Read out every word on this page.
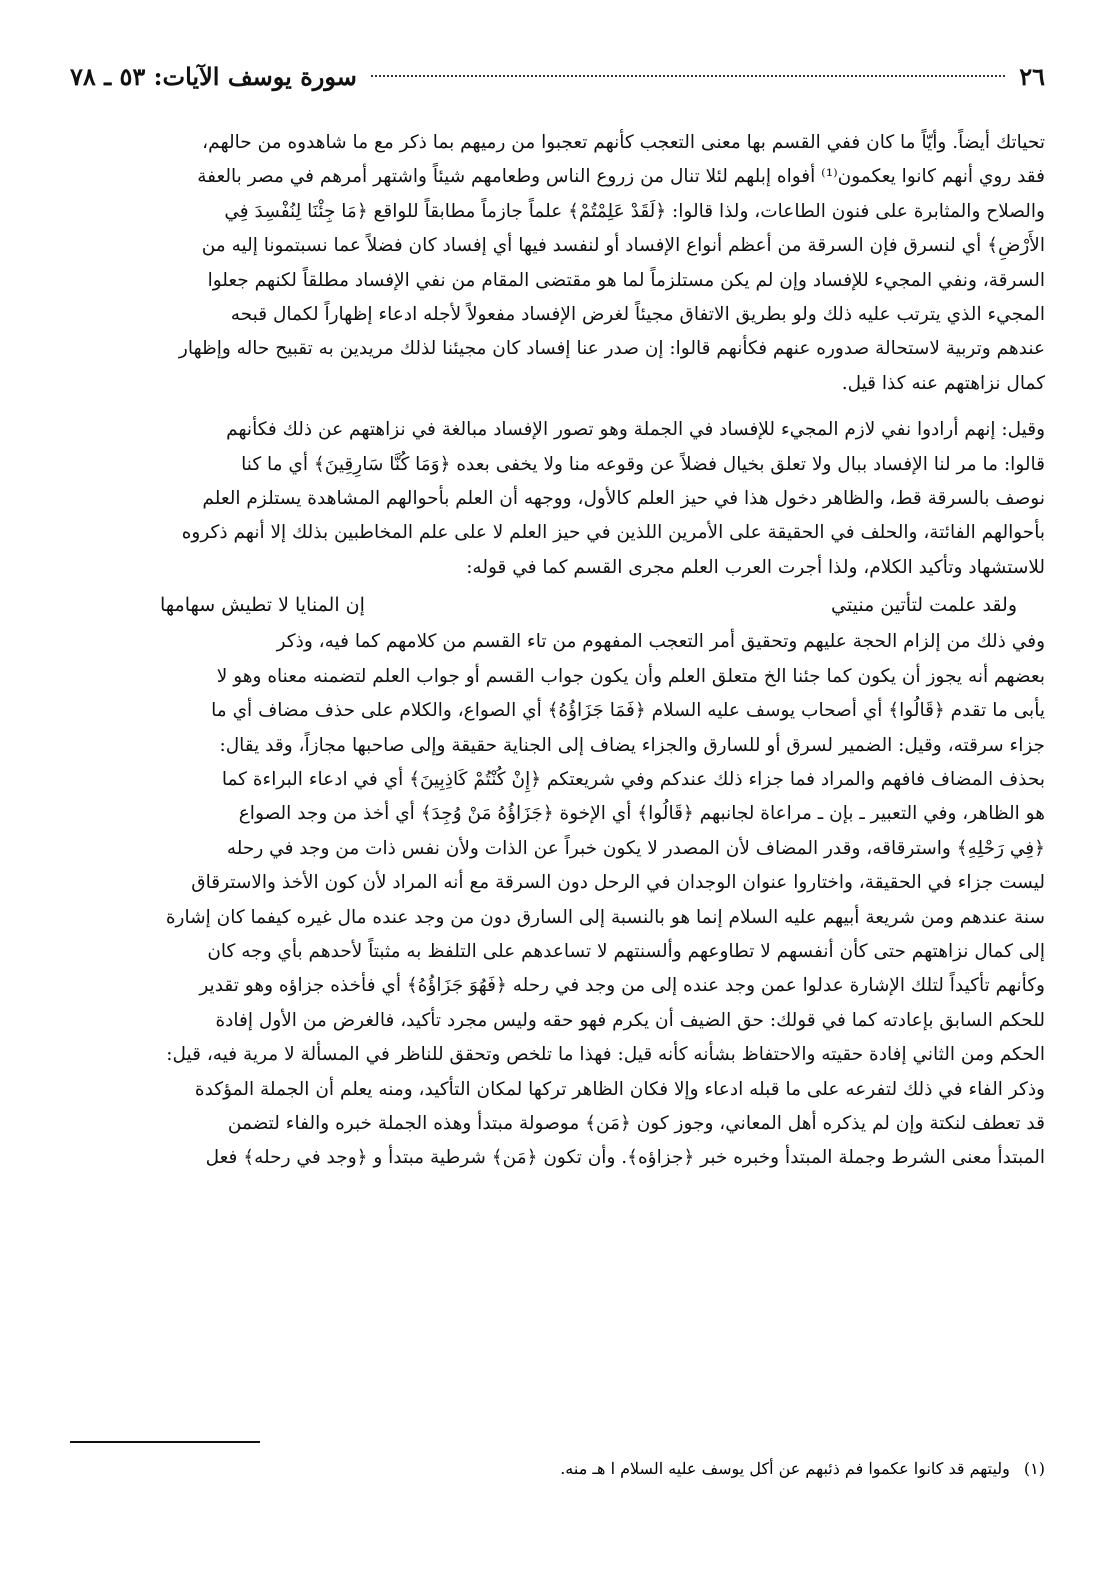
٢٦
سورة يوسف الآيات: ٥٣ ـ ٧٨

تحياتك أيضاً. وأيّاً ما كان ففي القسم بها معنى التعجب كأنهم تعجبوا من رميهم بما ذكر مع ما شاهدوه من حالهم،

فقد روي أنهم كانوا يعكمون⁽¹⁾ أفواه إبلهم لئلا تنال من زروع الناس وطعامهم شيئاً واشتهر أمرهم في مصر بالعفة

والصلاح والمثابرة على فنون الطاعات، ولذا قالوا: ﴿لَقَدْ عَلِمْتُمْ﴾ علماً جازماً مطابقاً للواقع ﴿مَا جِئْنَا لِنُفْسِدَ فِي

الأَرْضِ﴾ أي لنسرق فإن السرقة من أعظم أنواع الإفساد أو لنفسد فيها أي إفساد كان فضلاً عما نسبتمونا إليه من

السرقة، ونفي المجيء للإفساد وإن لم يكن مستلزماً لما هو مقتضى المقام من نفي الإفساد مطلقاً لكنهم جعلوا

المجيء الذي يترتب عليه ذلك ولو بطريق الاتفاق مجيئاً لغرض الإفساد مفعولاً لأجله ادعاء إظهاراً لكمال قبحه

عندهم وتربية لاستحالة صدوره عنهم فكأنهم قالوا: إن صدر عنا إفساد كان مجيئنا لذلك مريدين به تقبيح حاله وإظهار

كمال نزاهتهم عنه كذا قيل.

وقيل: إنهم أرادوا نفي لازم المجيء للإفساد في الجملة وهو تصور الإفساد مبالغة في نزاهتهم عن ذلك فكأنهم

قالوا: ما مر لنا الإفساد ببال ولا تعلق بخيال فضلاً عن وقوعه منا ولا يخفى بعده ﴿وَمَا كُنَّا سَارِقِينَ﴾ أي ما كنا

نوصف بالسرقة قط، والظاهر دخول هذا في حيز العلم كالأول، ووجهه أن العلم بأحوالهم المشاهدة يستلزم العلم

بأحوالهم الفائتة، والحلف في الحقيقة على الأمرين اللذين في حيز العلم لا على علم المخاطبين بذلك إلا أنهم ذكروه

للاستشهاد وتأكيد الكلام، ولذا أجرت العرب العلم مجرى القسم كما في قوله:

ولقد علمت لتأتين منيتي
إن المنايا لا تطيش سهامها

وفي ذلك من إلزام الحجة عليهم وتحقيق أمر التعجب المفهوم من تاء القسم من كلامهم كما فيه، وذكر

بعضهم أنه يجوز أن يكون كما جئنا الخ متعلق العلم وأن يكون جواب القسم أو جواب العلم لتضمنه معناه وهو لا

يأبى ما تقدم ﴿قَالُوا﴾ أي أصحاب يوسف عليه السلام ﴿فَمَا جَزَاؤُهُ﴾ أي الصواع، والكلام على حذف مضاف أي ما

جزاء سرقته، وقيل: الضمير لسرق أو للسارق والجزاء يضاف إلى الجناية حقيقة وإلى صاحبها مجازاً، وقد يقال:

بحذف المضاف فافهم والمراد فما جزاء ذلك عندكم وفي شريعتكم ﴿إِنْ كُنْتُمْ كَاذِبِينَ﴾ أي في ادعاء البراءة كما

هو الظاهر، وفي التعبير ـ بإن ـ مراعاة لجانبهم ﴿قَالُوا﴾ أي الإخوة ﴿جَزَاؤُهُ مَنْ وُجِدَ﴾ أي أخذ من وجد الصواع

﴿فِي رَحْلِهِ﴾ واسترقاقه، وقدر المضاف لأن المصدر لا يكون خبراً عن الذات ولأن نفس ذات من وجد في رحله

ليست جزاء في الحقيقة، واختاروا عنوان الوجدان في الرحل دون السرقة مع أنه المراد لأن كون الأخذ والاسترقاق

سنة عندهم ومن شريعة أبيهم عليه السلام إنما هو بالنسبة إلى السارق دون من وجد عنده مال غيره كيفما كان إشارة

إلى كمال نزاهتهم حتى كأن أنفسهم لا تطاوعهم وألسنتهم لا تساعدهم على التلفظ به مثبتاً لأحدهم بأي وجه كان

وكأنهم تأكيداً لتلك الإشارة عدلوا عمن وجد عنده إلى من وجد في رحله ﴿فَهُوَ جَزَاؤُهُ﴾ أي فأخذه جزاؤه وهو تقدير

للحكم السابق بإعادته كما في قولك: حق الضيف أن يكرم فهو حقه وليس مجرد تأكيد، فالغرض من الأول إفادة

الحكم ومن الثاني إفادة حقيته والاحتفاظ بشأنه كأنه قيل: فهذا ما تلخص وتحقق للناظر في المسألة لا مرية فيه، قيل:

وذكر الفاء في ذلك لتفرعه على ما قبله ادعاء وإلا فكان الظاهر تركها لمكان التأكيد، ومنه يعلم أن الجملة المؤكدة

قد تعطف لنكتة وإن لم يذكره أهل المعاني، وجوز كون ﴿مَن﴾ موصولة مبتدأ وهذه الجملة خبره والفاء لتضمن

المبتدأ معنى الشرط وجملة المبتدأ وخبره خبر ﴿جزاؤه﴾. وأن تكون ﴿مَن﴾ شرطية مبتدأ و ﴿وجد في رحله﴾ فعل

(١)وليتهم قد كانوا عكموا فم ذئبهم عن أكل يوسف عليه السلام ا هـ منه.
